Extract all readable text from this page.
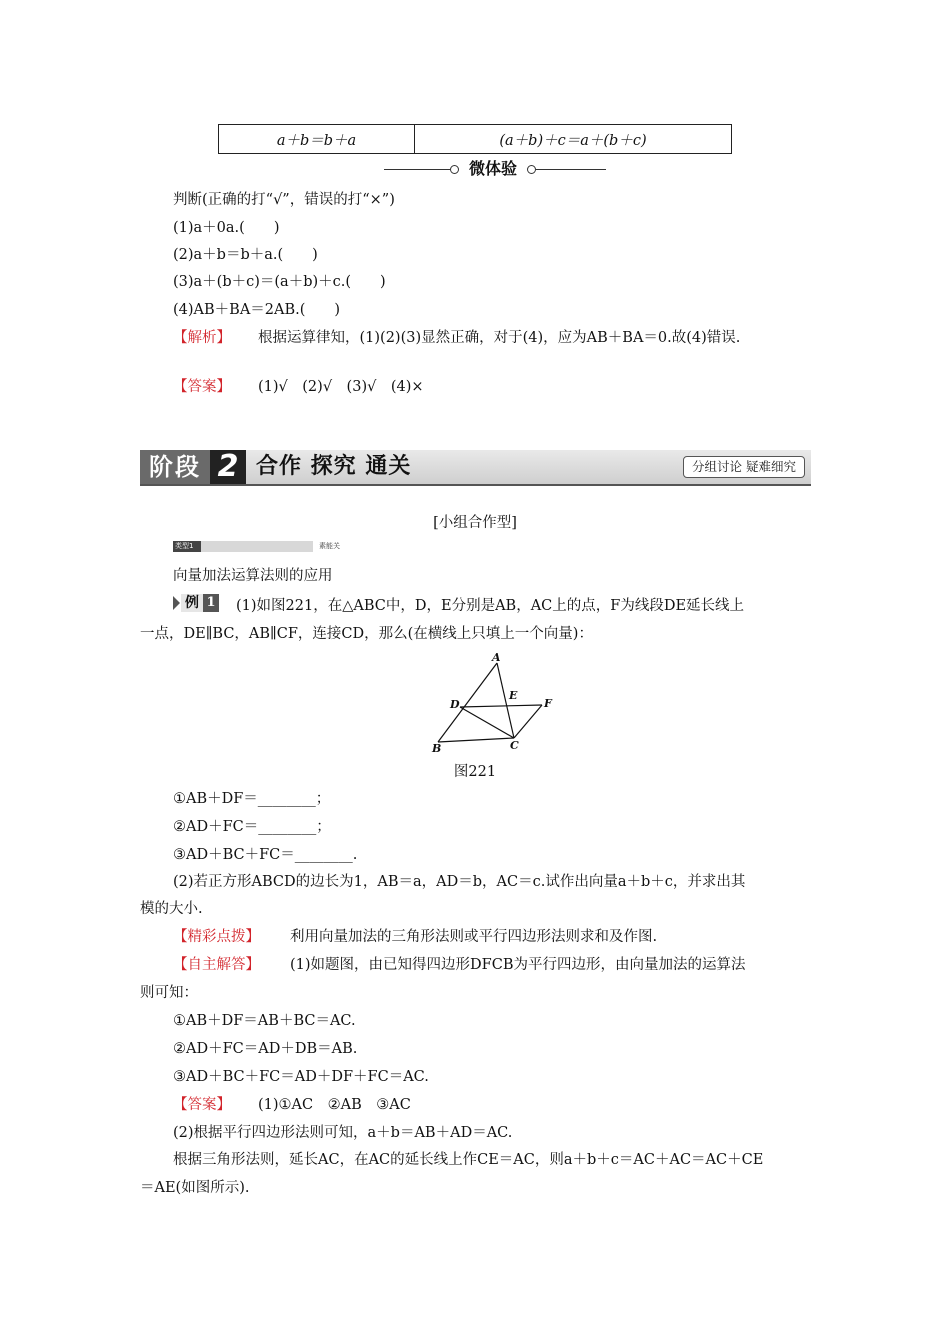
a＋b＝b＋a	(a＋b)＋c＝a＋(b＋c)
微体验
判断(正确的打“√”，错误的打“×”)
(1)a＋0a.(　　)
(2)a＋b＝b＋a.(　　)
(3)a＋(b＋c)＝(a＋b)＋c.(　　)
(4)AB＋BA＝2AB.(　　)
【解析】 根据运算律知，(1)(2)(3)显然正确，对于(4)，应为AB＋BA＝0.故(4)错误.
【答案】 (1)√　(2)√　(3)√　(4)×
阶段 2 合作 探究 通关	分组讨论 疑难细究
[小组合作型]
类型1	素能关
向量加法运算法则的应用
例 1 (1)如图221，在△ABC中，D，E分别是AB，AC上的点，F为线段DE延长线上
一点，DE∥BC，AB∥CF，连接CD，那么(在横线上只填上一个向量)：
A
D
E
F
B	C
图221
①AB＋DF＝________；
②AD＋FC＝________；
③AD＋BC＋FC＝________.
(2)若正方形ABCD的边长为1，AB＝a，AD＝b，AC＝c.试作出向量a＋b＋c，并求出其
模的大小.
【精彩点拨】 利用向量加法的三角形法则或平行四边形法则求和及作图.
【自主解答】 (1)如题图，由已知得四边形DFCB为平行四边形，由向量加法的运算法
则可知：
①AB＋DF＝AB＋BC＝AC.
②AD＋FC＝AD＋DB＝AB.
③AD＋BC＋FC＝AD＋DF＋FC＝AC.
【答案】 (1)①AC　②AB　③AC
(2)根据平行四边形法则可知，a＋b＝AB＋AD＝AC.
根据三角形法则，延长AC，在AC的延长线上作CE＝AC，则a＋b＋c＝AC＋AC＝AC＋CE
＝AE(如图所示).
